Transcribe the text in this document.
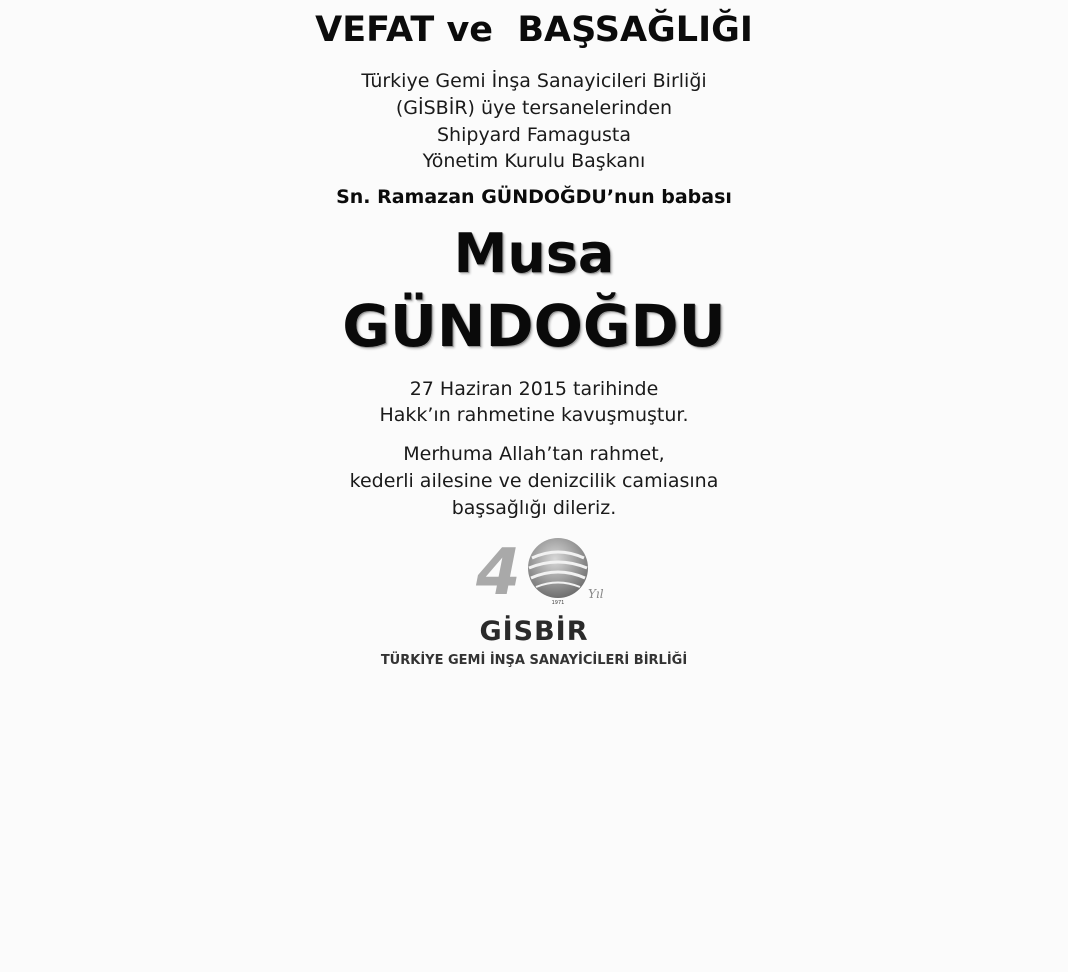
VEFAT ve  BAŞSAĞLIĞI
Türkiye Gemi İnşa Sanayicileri Birliği
(GİSBİR) üye tersanelerinden
Shipyard Famagusta
Yönetim Kurulu Başkanı
Sn. Ramazan GÜNDOĞDU’nun babası
Musa
GÜNDOĞDU
27 Haziran 2015 tarihinde
Hakk’ın rahmetine kavuşmuştur.
Merhuma Allah’tan rahmet,
kederli ailesine ve denizcilik camiasına
başsağlığı dileriz.
4	1971
Yıl
GİSBİR
TÜRKİYE GEMİ İNŞA SANAYİCİLERİ BİRLİĞİ
